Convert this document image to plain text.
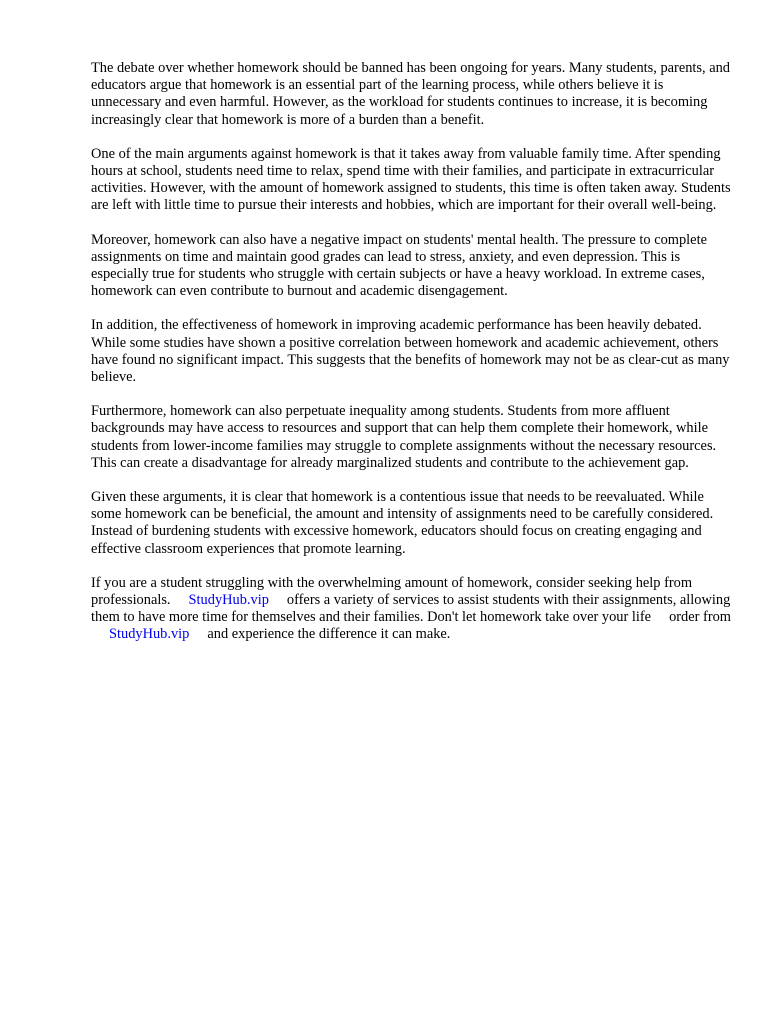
The debate over whether homework should be banned has been ongoing for years. Many students, parents, and educators argue that homework is an essential part of the learning process, while others believe it is unnecessary and even harmful. However, as the workload for students continues to increase, it is becoming increasingly clear that homework is more of a burden than a benefit.

One of the main arguments against homework is that it takes away from valuable family time. After spending hours at school, students need time to relax, spend time with their families, and participate in extracurricular activities. However, with the amount of homework assigned to students, this time is often taken away. Students are left with little time to pursue their interests and hobbies, which are important for their overall well-being.

Moreover, homework can also have a negative impact on students' mental health. The pressure to complete assignments on time and maintain good grades can lead to stress, anxiety, and even depression. This is especially true for students who struggle with certain subjects or have a heavy workload. In extreme cases, homework can even contribute to burnout and academic disengagement.

In addition, the effectiveness of homework in improving academic performance has been heavily debated. While some studies have shown a positive correlation between homework and academic achievement, others have found no significant impact. This suggests that the benefits of homework may not be as clear-cut as many believe.

Furthermore, homework can also perpetuate inequality among students. Students from more affluent backgrounds may have access to resources and support that can help them complete their homework, while students from lower-income families may struggle to complete assignments without the necessary resources. This can create a disadvantage for already marginalized students and contribute to the achievement gap.

Given these arguments, it is clear that homework is a contentious issue that needs to be reevaluated. While some homework can be beneficial, the amount and intensity of assignments need to be carefully considered. Instead of burdening students with excessive homework, educators should focus on creating engaging and effective classroom experiences that promote learning.

If you are a student struggling with the overwhelming amount of homework, consider seeking help from professionals. StudyHub.vip offers a variety of services to assist students with their assignments, allowing them to have more time for themselves and their families. Don't let homework take over your life order fromStudyHub.vip and experience the difference it can make.
